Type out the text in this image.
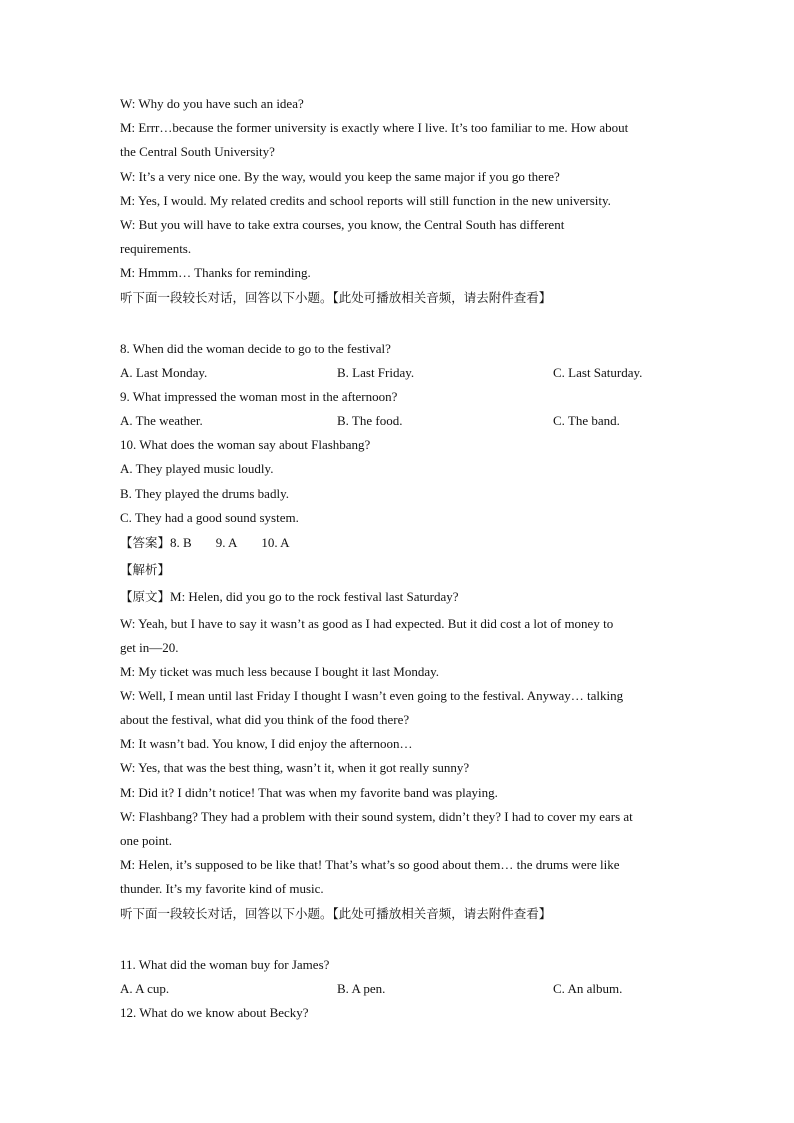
W: Why do you have such an idea?
M: Errr…because the former university is exactly where I live. It’s too familiar to me. How about
the Central South University?
W: It’s a very nice one. By the way, would you keep the same major if you go there?
M: Yes, I would. My related credits and school reports will still function in the new university.
W: But you will have to take extra courses, you know, the Central South has different
requirements.
M: Hmmm… Thanks for reminding.
听下面一段较长对话，回答以下小题。【此处可播放相关音频，请去附件查看】
8. When did the woman decide to go to the festival?
A. Last Monday.	B. Last Friday.	C. Last Saturday.
9. What impressed the woman most in the afternoon?
A. The weather.	B. The food.	C. The band.
10. What does the woman say about Flashbang?
A. They played music loudly.
B. They played the drums badly.
C. They had a good sound system.
【答案】8. B 9. A 10. A
【解析】
【原文】M: Helen, did you go to the rock festival last Saturday?
W: Yeah, but I have to say it wasn’t as good as I had expected. But it did cost a lot of money to
get in—20.
M: My ticket was much less because I bought it last Monday.
W: Well, I mean until last Friday I thought I wasn’t even going to the festival. Anyway… talking
about the festival, what did you think of the food there?
M: It wasn’t bad. You know, I did enjoy the afternoon…
W: Yes, that was the best thing, wasn’t it, when it got really sunny?
M: Did it? I didn’t notice! That was when my favorite band was playing.
W: Flashbang? They had a problem with their sound system, didn’t they? I had to cover my ears at
one point.
M: Helen, it’s supposed to be like that! That’s what’s so good about them… the drums were like
thunder. It’s my favorite kind of music.
听下面一段较长对话，回答以下小题。【此处可播放相关音频，请去附件查看】
11. What did the woman buy for James?
A. A cup.	B. A pen.	C. An album.
12. What do we know about Becky?
